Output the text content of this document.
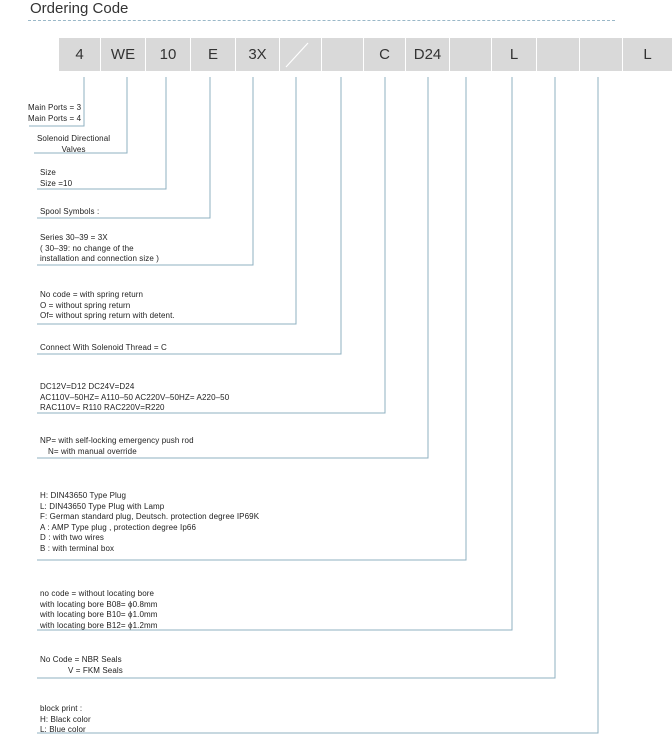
Ordering Code
4	WE	10	E	3X	C	D24	L	L
Main Ports = 3
Main Ports = 4
Solenoid Directional
Valves
Size
Size =10
Spool Symbols :
Series 30–39 = 3X
( 30–39: no change of the
installation and connection size )
No code = with spring return
O = without spring return
Of= without spring return with detent.
Connect With Solenoid Thread = C
DC12V=D12 DC24V=D24
AC110V–50HZ= A110–50 AC220V–50HZ= A220–50
RAC110V= R110 RAC220V=R220
NP= with self-locking emergency push rod
N= with manual override
H: DIN43650 Type Plug
L: DIN43650 Type Plug with Lamp
F: German standard plug, Deutsch. protection degree IP69K
A : AMP Type plug , protection degree Ip66
D : with two wires
B : with terminal box
no code = without locating bore
with locating bore B08= ϕ0.8mm
with locating bore B10= ϕ1.0mm
with locating bore B12= ϕ1.2mm
No Code = NBR Seals
V = FKM Seals
block print :
H: Black color
L: Blue color
